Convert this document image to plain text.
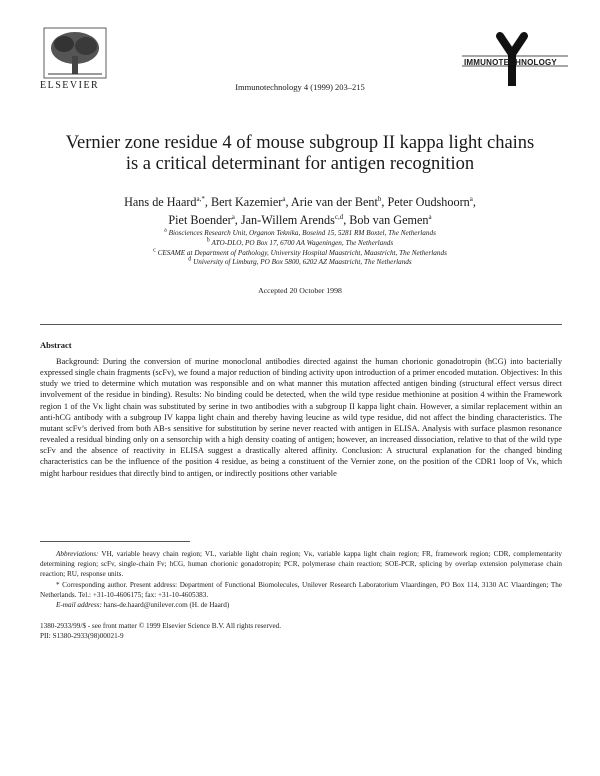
ELSEVIER	Immunotechnology 4 (1999) 203–215
IMMUNOTECHNOLOGY
Vernier zone residue 4 of mouse subgroup II kappa light chains
is a critical determinant for antigen recognition
Hans de Haard$^{a,*}$, Bert Kazemier$^a$, Arie van der Bent$^b$, Peter Oudshoorn$^a$,
Piet Boender$^a$, Jan-Willem Arends$^{c,d}$, Bob van Gemen$^a$
$^a$ Biosciences Research Unit, Organon Teknika, Boseind 15, 5281 RM Boxtel, The Netherlands
$^b$ ATO-DLO, PO Box 17, 6700 AA Wageningen, The Netherlands
$^c$ CESAME at Department of Pathology, University Hospital Maastricht, Maastricht, The Netherlands
$^d$ University of Limburg, PO Box 5800, 6202 AZ Maastricht, The Netherlands
Accepted 20 October 1998
Abstract
Background: During the conversion of murine monoclonal antibodies directed against the human chorionic gonadotropin (hCG) into bacterially expressed single chain fragments (scFv), we found a major reduction of binding activity upon introduction of a primer encoded mutation. Objectives: In this study we tried to determine which mutation was responsible and on what manner this mutation affected antigen binding (structural effect versus direct involvement of the residue in binding). Results: No binding could be detected, when the wild type residue methionine at position 4 within the Framework region 1 of the Vκ light chain was substituted by serine in two antibodies with a subgroup II kappa light chain. However, a similar replacement within an anti-hCG antibody with a subgroup IV kappa light chain and thereby having leucine as wild type residue, did not affect the binding characteristics. The mutant scFv’s derived from both AB-s sensitive for substitution by serine never reacted with antigen in ELISA. Analysis with surface plasmon resonance revealed a residual binding only on a sensorchip with a high density coating of antigen; however, an increased dissociation, relative to that of the wild type scFv and the absence of reactivity in ELISA suggest a drastically altered affinity. Conclusion: A structural explanation for the changed binding characteristics can be the influence of the position 4 residue, as being a constituent of the Vernier zone, on the position of the CDR1 loop of Vκ, which might harbour residues that directly bind to antigen, or indirectly positions other variable
Abbreviations: VH, variable heavy chain region; VL, variable light chain region; Vκ, variable kappa light chain region; FR, framework region; CDR, complementarity determining region; scFv, single-chain Fv; hCG, human chorionic gonadotropin; PCR, polymerase chain reaction; SOE-PCR, splicing by overlap extension polymerase chain reaction; RU, response units.
* Corresponding author. Present address: Department of Functional Biomolecules, Unilever Research Laboratorium Vlaardingen, PO Box 114, 3130 AC Vlaardingen; The Netherlands. Tel.: +31-10-4606175; fax: +31-10-4605383.
E-mail address: hans-de.haard@unilever.com (H. de Haard)
1380-2933/99/$ - see front matter © 1999 Elsevier Science B.V. All rights reserved.
PII: S1380-2933(98)00021-9
